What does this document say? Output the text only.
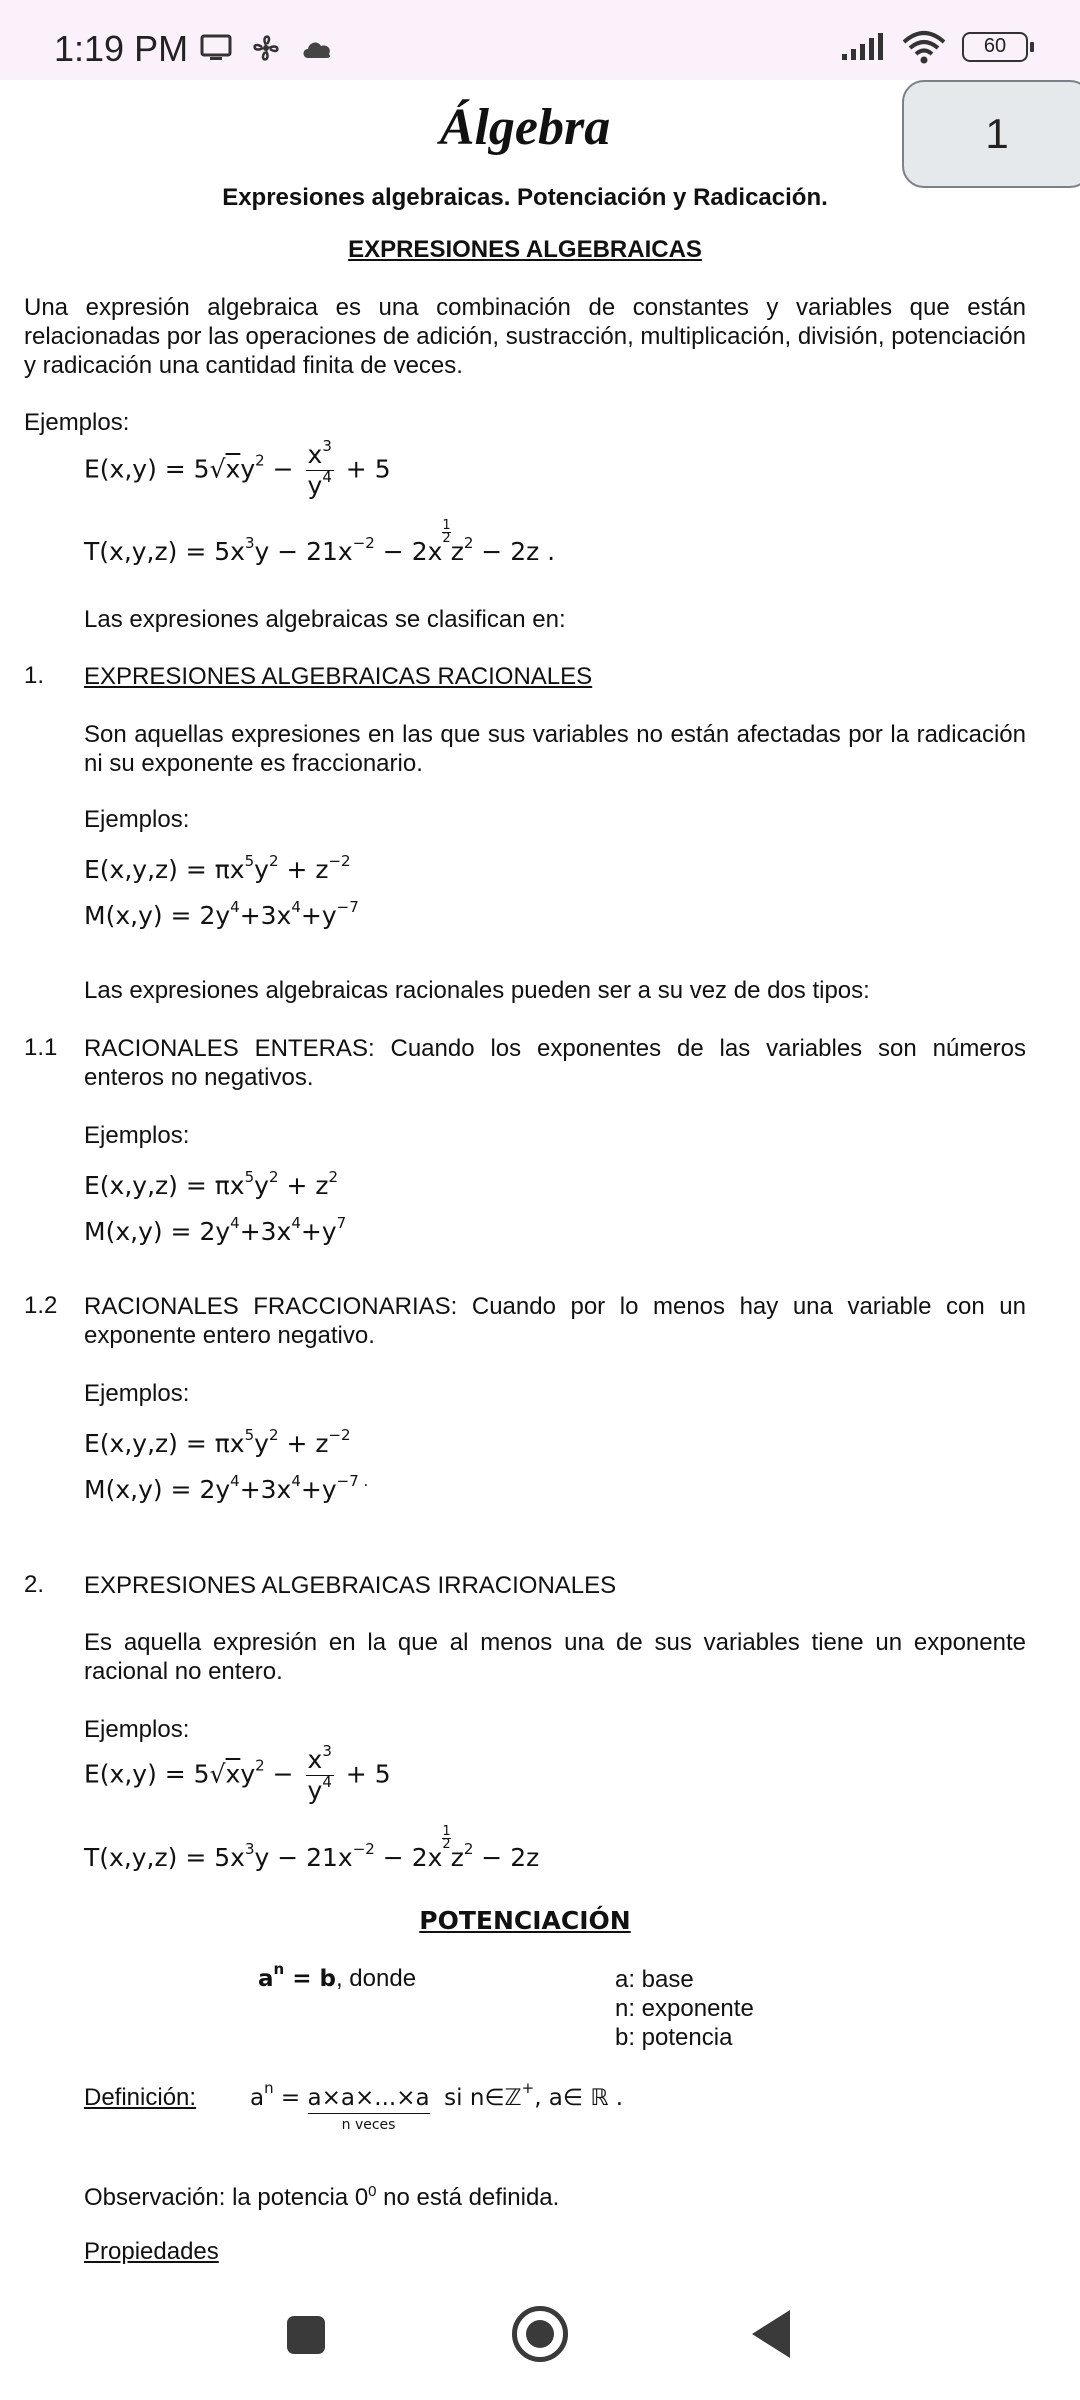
1:19 PM	60
Álgebra	1
Expresiones algebraicas. Potenciación y Radicación.
EXPRESIONES ALGEBRAICAS
Una expresión algebraica es una combinación de constantes y variables que están relacionadas por las operaciones de adición, sustracción, multiplicación, división, potenciación y radicación una cantidad finita de veces.
Ejemplos:
$E(x,y) = 5√xy^2 - \frac{x^3}{y^4} + 5$
$T(x,y,z) = 5x^3y - 21x^{-2} - 2x$
$\frac{1}{2}$
$z^2 - 2z$ .
Las expresiones algebraicas se clasifican en:
1. EXPRESIONES ALGEBRAICAS RACIONALES
Son aquellas expresiones en las que sus variables no están afectadas por la radicación ni su exponente es fraccionario.
Ejemplos:
$E(x,y,z) = \pi x^5y^2 + z^{-2}$
$M(x,y) = 2y^4+3x^4+y^{-7}$
Las expresiones algebraicas racionales pueden ser a su vez de dos tipos:
1.1 RACIONALES ENTERAS: Cuando los exponentes de las variables son números enteros no negativos.
Ejemplos:
$E(x,y,z) = \pi x^5y^2 + z^2$
$M(x,y) = 2y^4+3x^4+y^7$
1.2 RACIONALES FRACCIONARIAS: Cuando por lo menos hay una variable con un exponente entero negativo.
Ejemplos:
$E(x,y,z) = \pi x^5y^2 + z^{-2}$
$M(x,y) = 2y^4+3x^4+y^{-7 .}$
2. EXPRESIONES ALGEBRAICAS IRRACIONALES
Es aquella expresión en la que al menos una de sus variables tiene un exponente racional no entero.
Ejemplos:
$E(x,y) = 5√xy^2 - \frac{x^3}{y^4} + 5$
$T(x,y,z) = 5x^3y - 21x^{-2} - 2x$
$\frac{1}{2}$
$z^2 - 2z$
POTENCIACIÓN
$a^n = b$, donde	a: base
n: exponente
b: potencia
Definición: $a^n = a\times a\times...\times a$
n veces
si n∈ℤ+, a∈ ℝ .
Observación: la potencia $0^0$ no está definida.
Propiedades
